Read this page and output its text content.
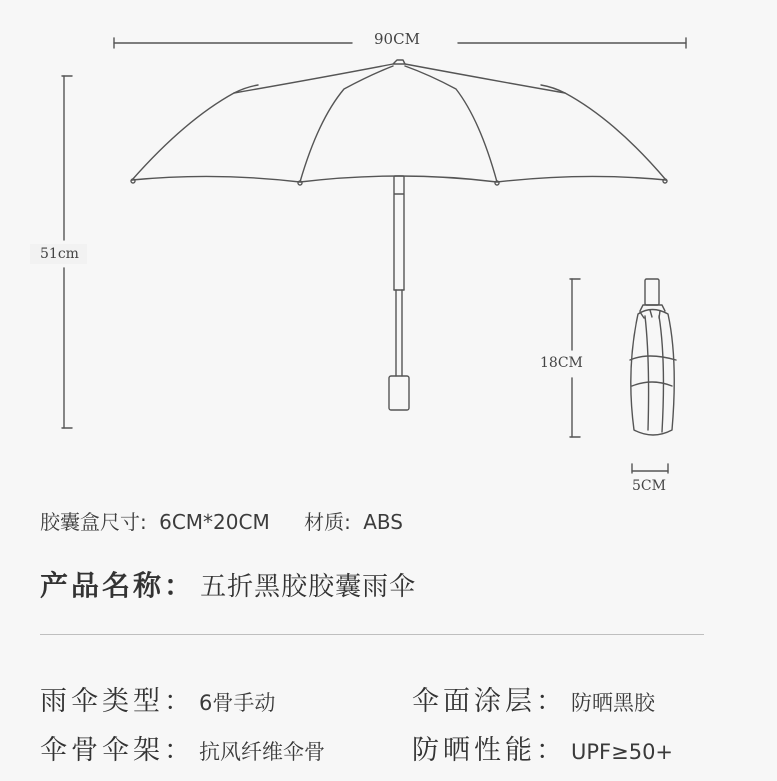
90CM
51cm
18CM
5CM
胶囊盒尺寸: 6CM*20CM 材质: ABS
产品名称： 五折黑胶胶囊雨伞
雨伞类型： 6骨手动	伞面涂层： 防晒黑胶
伞骨伞架： 抗风纤维伞骨	防晒性能： UPF≥50+
